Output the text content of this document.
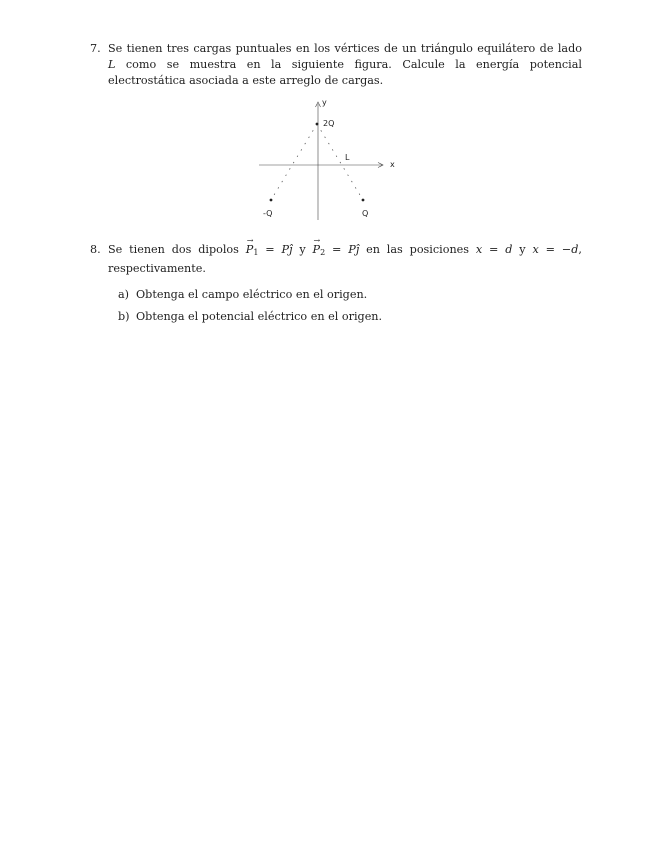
7. Se tienen tres cargas puntuales en los vértices de un triángulo equilátero de lado L como se muestra en la siguiente figura. Calcule la energía potencial electrostática asociada a este arreglo de cargas.
y
x
L
2Q
-Q	Q
8. Se tienen dos dipolos → $P_1$ = Pĵ $y \to P_2$ = Pĵ en las posiciones x = d y x = −d, respectivamente.
a) Obtenga el campo eléctrico en el origen.
b) Obtenga el potencial eléctrico en el origen.
